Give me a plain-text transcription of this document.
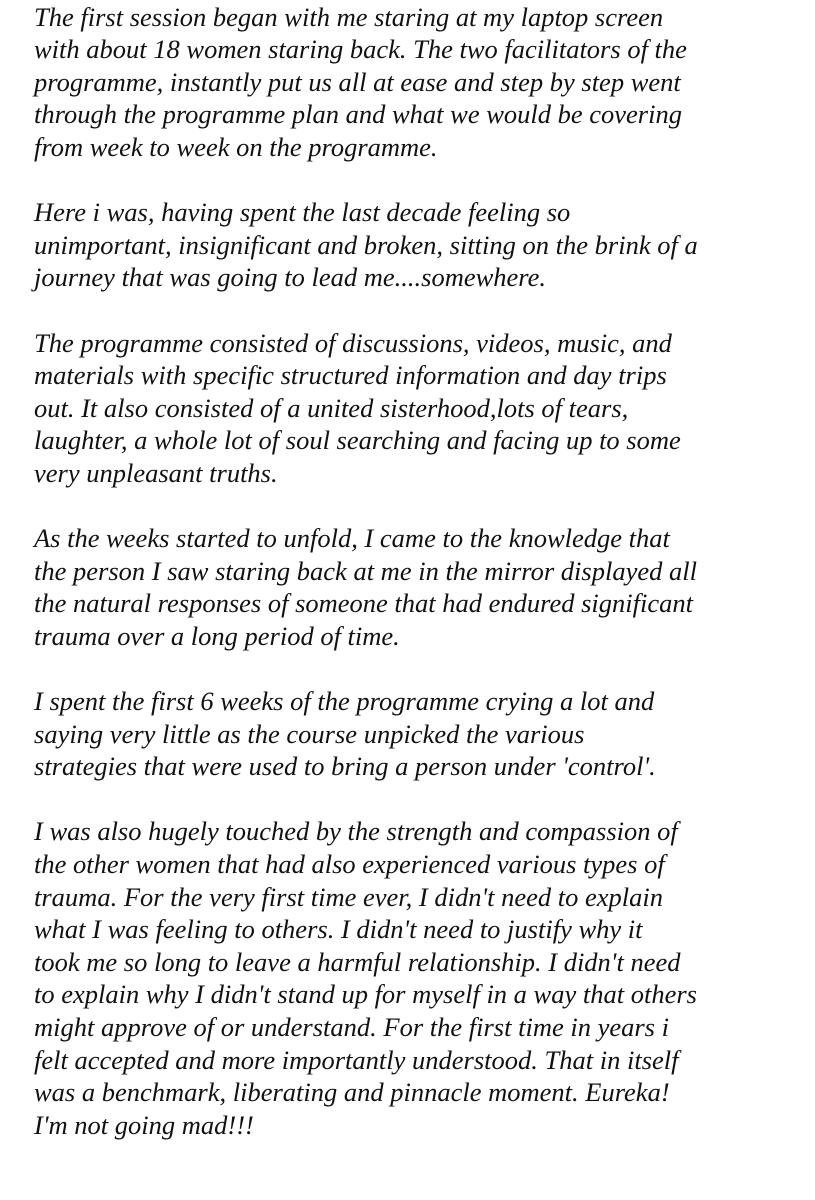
The first session began with me staring at my laptop screen
with about 18 women staring back. The two facilitators of the
programme, instantly put us all at ease and step by step went
through the programme plan and what we would be covering
from week to week on the programme.
Here i was, having spent the last decade feeling so
unimportant, insignificant and broken, sitting on the brink of a
journey that was going to lead me....somewhere.
The programme consisted of discussions, videos, music, and
materials with specific structured information and day trips
out. It also consisted of a united sisterhood,lots of tears,
laughter, a whole lot of soul searching and facing up to some
very unpleasant truths.
As the weeks started to unfold, I came to the knowledge that
the person I saw staring back at me in the mirror displayed all
the natural responses of someone that had endured significant
trauma over a long period of time.
I spent the first 6 weeks of the programme crying a lot and
saying very little as the course unpicked the various
strategies that were used to bring a person under 'control'.
I was also hugely touched by the strength and compassion of
the other women that had also experienced various types of
trauma. For the very first time ever, I didn't need to explain
what I was feeling to others. I didn't need to justify why it
took me so long to leave a harmful relationship. I didn't need
to explain why I didn't stand up for myself in a way that others
might approve of or understand. For the first time in years i
felt accepted and more importantly understood. That in itself
was a benchmark, liberating and pinnacle moment. Eureka!
I'm not going mad!!!
